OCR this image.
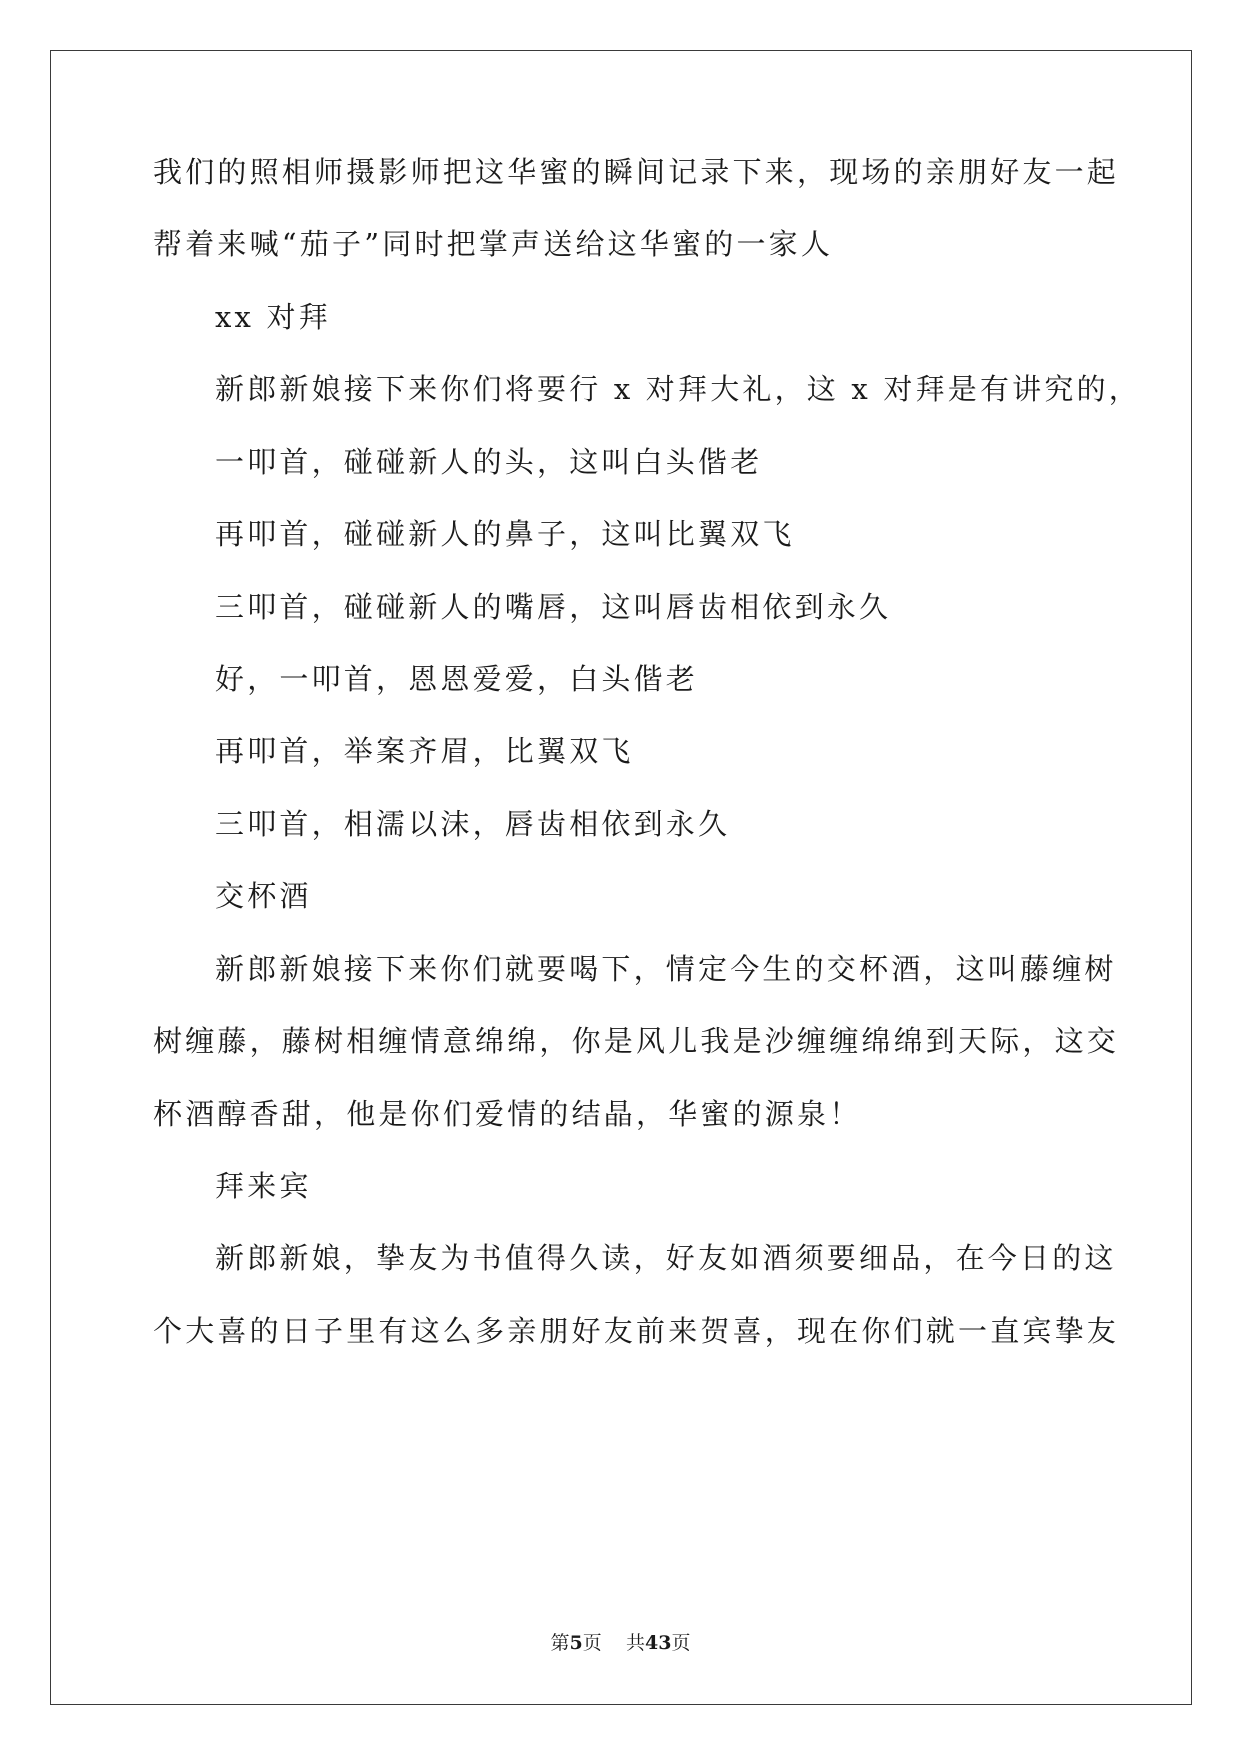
我们的照相师摄影师把这华蜜的瞬间记录下来，现场的亲朋好友一起
帮着来喊“茄子”同时把掌声送给这华蜜的一家人
xx 对拜
新郎新娘接下来你们将要行 x 对拜大礼，这 x 对拜是有讲究的，
一叩首，碰碰新人的头，这叫白头偕老
再叩首，碰碰新人的鼻子，这叫比翼双飞
三叩首，碰碰新人的嘴唇，这叫唇齿相依到永久
好，一叩首，恩恩爱爱，白头偕老
再叩首，举案齐眉，比翼双飞
三叩首，相濡以沫，唇齿相依到永久
交杯酒
新郎新娘接下来你们就要喝下，情定今生的交杯酒，这叫藤缠树
树缠藤，藤树相缠情意绵绵，你是风儿我是沙缠缠绵绵到天际，这交
杯酒醇香甜，他是你们爱情的结晶，华蜜的源泉！
拜来宾
新郎新娘，挚友为书值得久读，好友如酒须要细品，在今日的这
个大喜的日子里有这么多亲朋好友前来贺喜，现在你们就一直宾挚友
第5页 共43页
